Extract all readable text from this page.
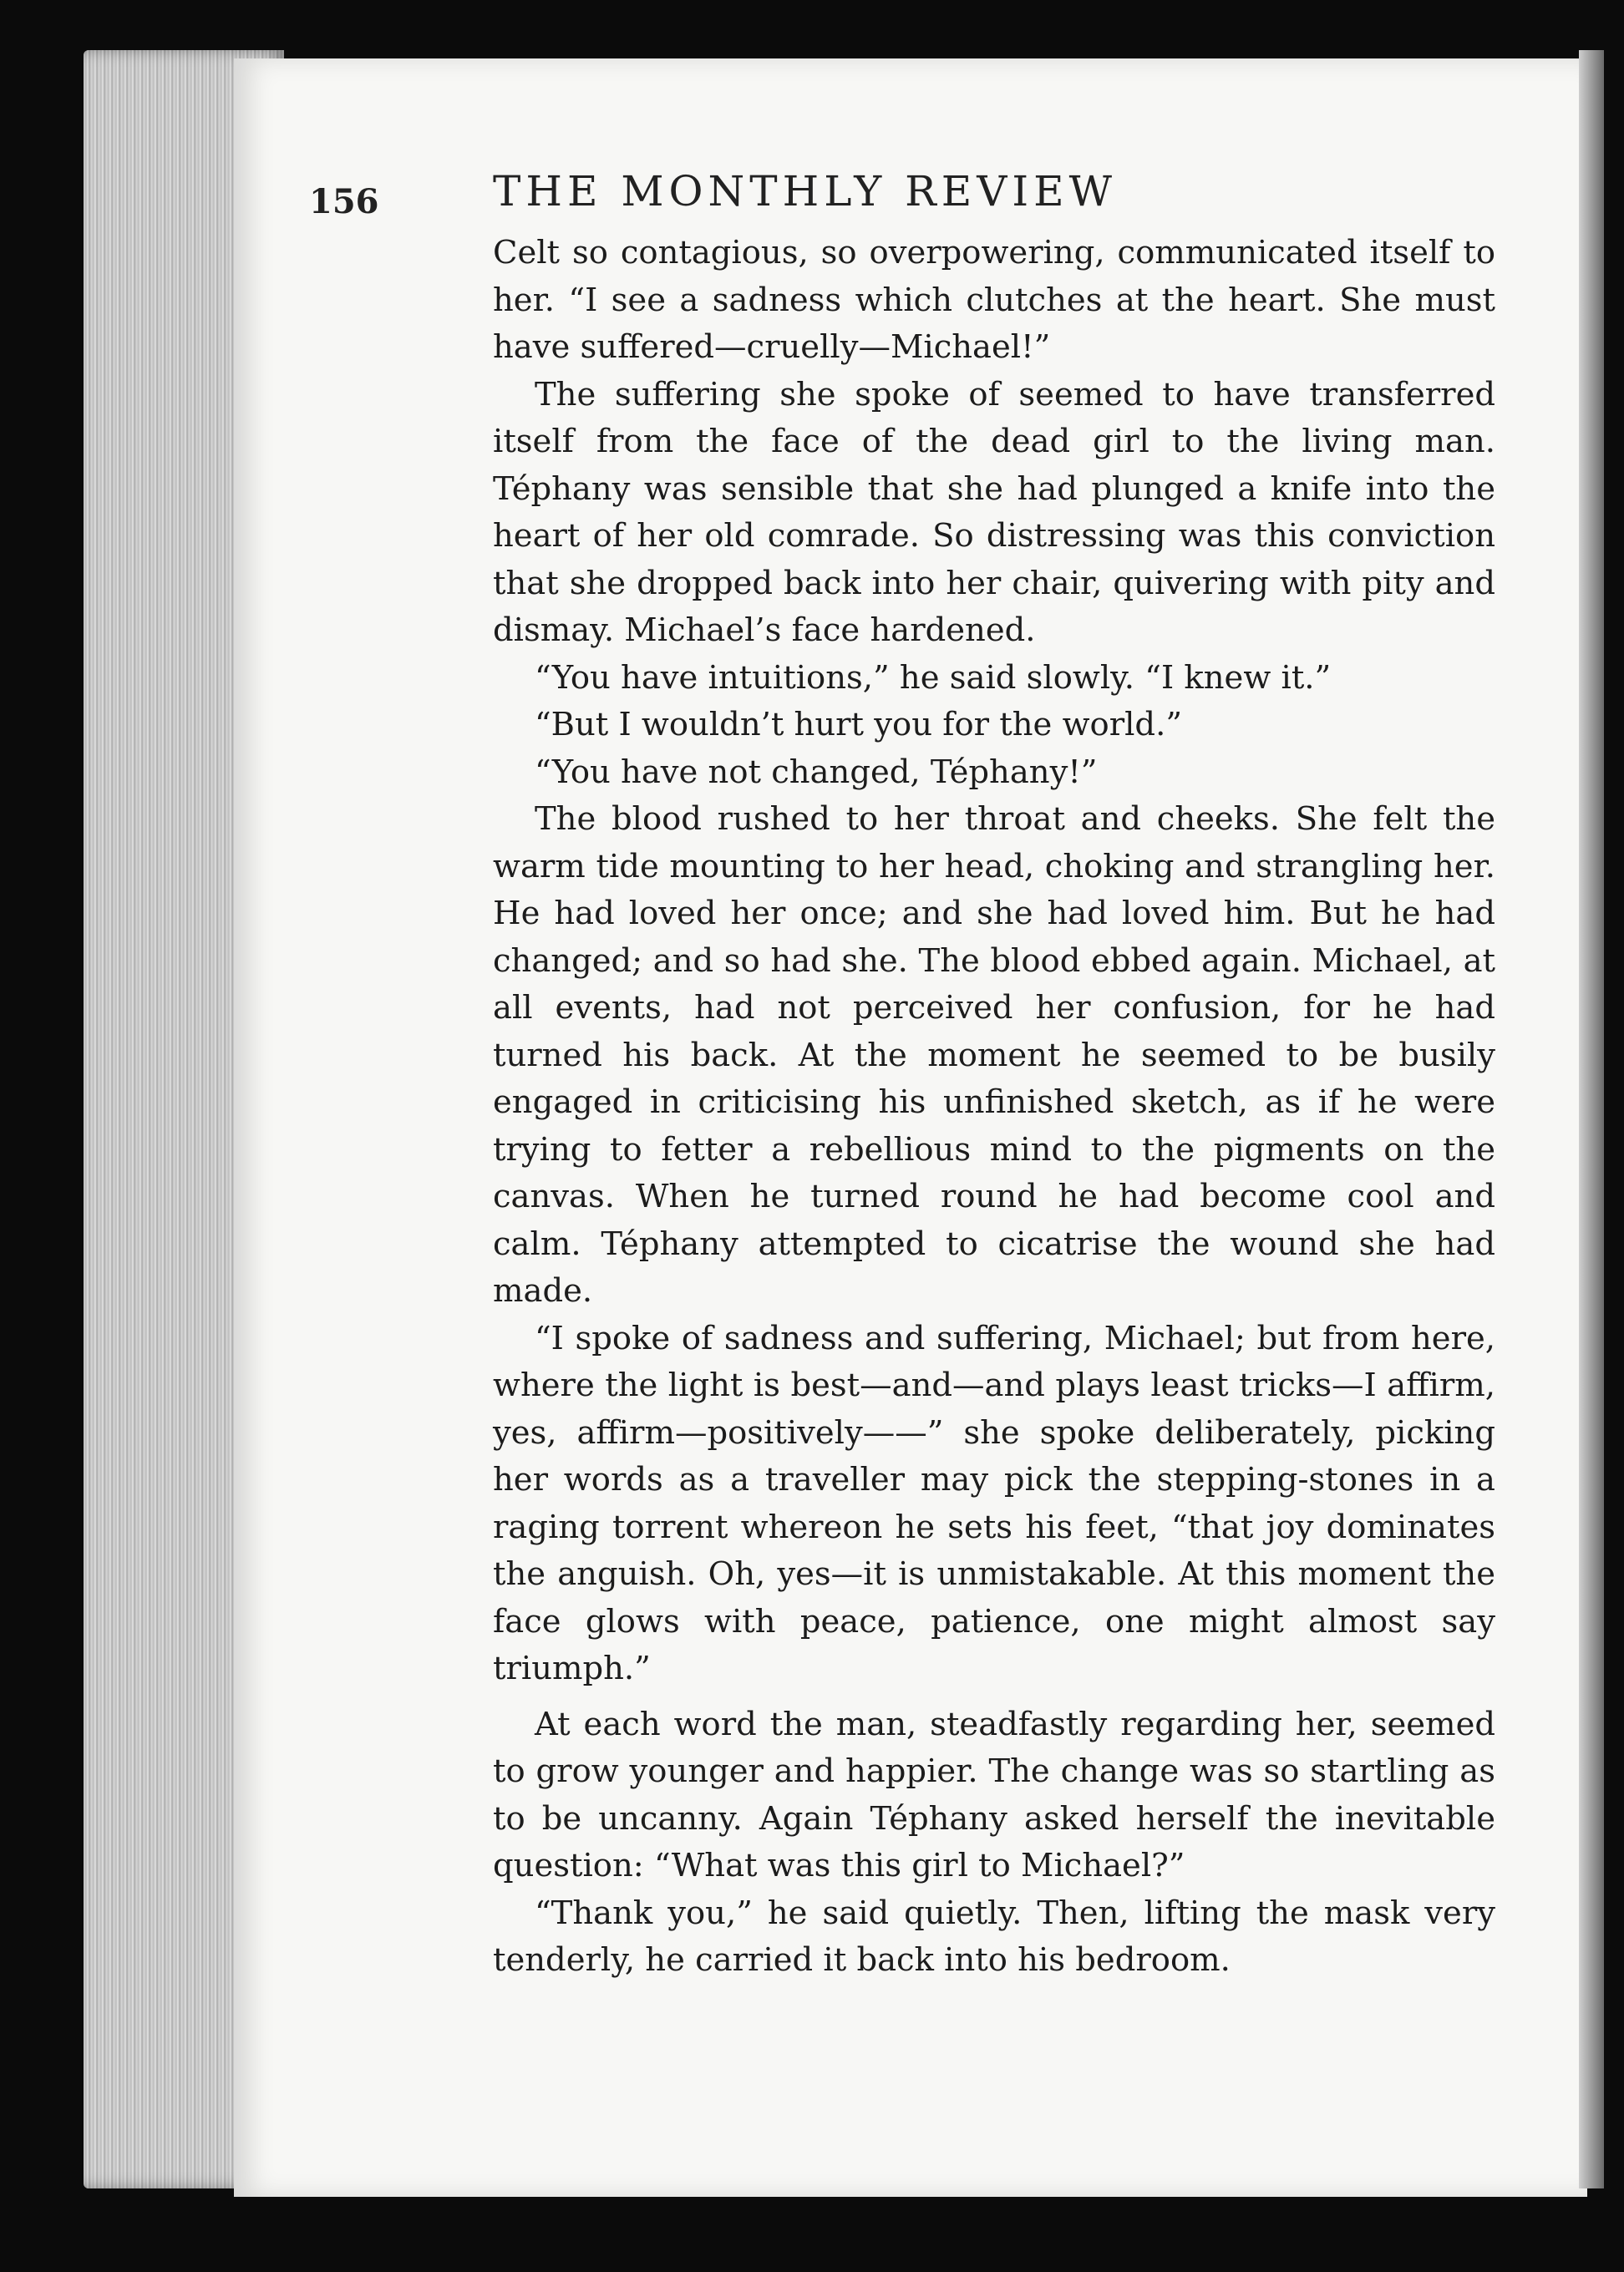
156	THE MONTHLY REVIEW

Celt so contagious, so overpowering, communicated itself to her. “I see a sadness which clutches at the heart. She must have suffered—cruelly—Michael!”

The suffering she spoke of seemed to have transferred itself from the face of the dead girl to the living man. Téphany was sensible that she had plunged a knife into the heart of her old comrade. So distressing was this conviction that she dropped back into her chair, quivering with pity and dismay. Michael’s face hardened.

“You have intuitions,” he said slowly. “I knew it.”

“But I wouldn’t hurt you for the world.”

“You have not changed, Téphany!”

The blood rushed to her throat and cheeks. She felt the warm tide mounting to her head, choking and strangling her. He had loved her once; and she had loved him. But he had changed; and so had she. The blood ebbed again. Michael, at all events, had not perceived her confusion, for he had turned his back. At the moment he seemed to be busily engaged in criticising his unfinished sketch, as if he were trying to fetter a rebellious mind to the pigments on the canvas. When he turned round he had become cool and calm. Téphany attempted to cicatrise the wound she had made.

“I spoke of sadness and suffering, Michael; but from here, where the light is best—and—and plays least tricks—I affirm, yes, affirm—positively——” she spoke deliberately, picking her words as a traveller may pick the stepping-stones in a raging torrent whereon he sets his feet, “that joy dominates the anguish. Oh, yes—it is unmistakable. At this moment the face glows with peace, patience, one might almost say triumph.”

At each word the man, steadfastly regarding her, seemed to grow younger and happier. The change was so startling as to be uncanny. Again Téphany asked herself the inevitable question: “What was this girl to Michael?”

“Thank you,” he said quietly. Then, lifting the mask very tenderly, he carried it back into his bedroom.
